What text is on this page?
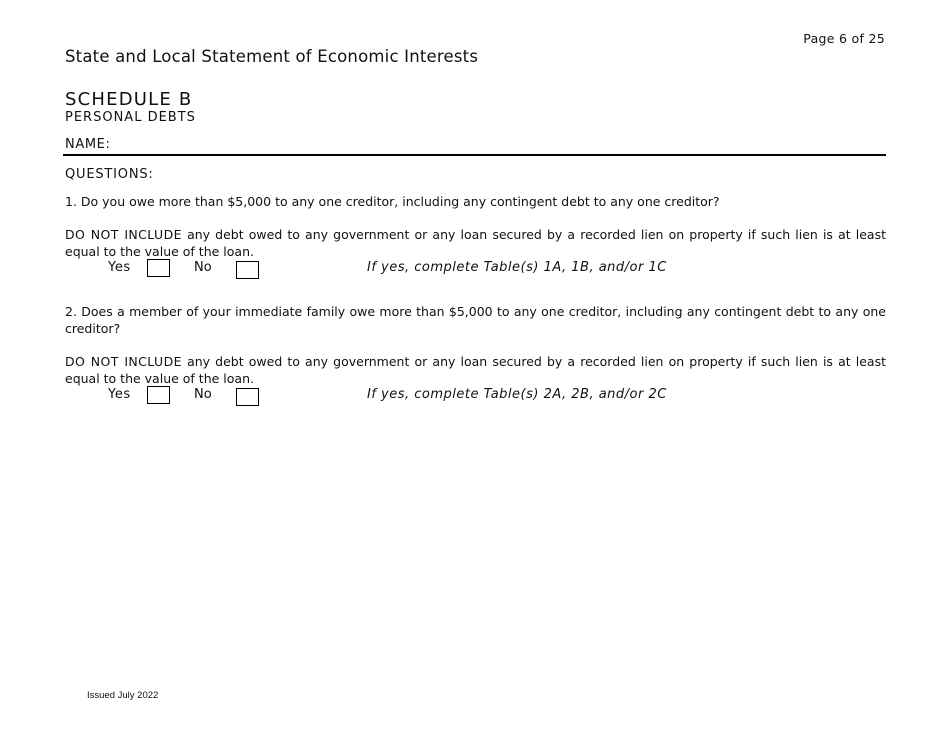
Page 6 of 25
State and Local Statement of Economic Interests
SCHEDULE B
PERSONAL DEBTS
NAME:
QUESTIONS:
1. Do you owe more than $5,000 to any one creditor, including any contingent debt to any one creditor?
DO NOT INCLUDE any debt owed to any government or any loan secured by a recorded lien on property if such lien is at least equal to the value of the loan.
Yes	No	If yes, complete Table(s) 1A, 1B, and/or 1C
2. Does a member of your immediate family owe more than $5,000 to any one creditor, including any contingent debt to any one creditor?
DO NOT INCLUDE any debt owed to any government or any loan secured by a recorded lien on property if such lien is at least equal to the value of the loan.
Yes	No	If yes, complete Table(s) 2A, 2B, and/or 2C
Issued July 2022
